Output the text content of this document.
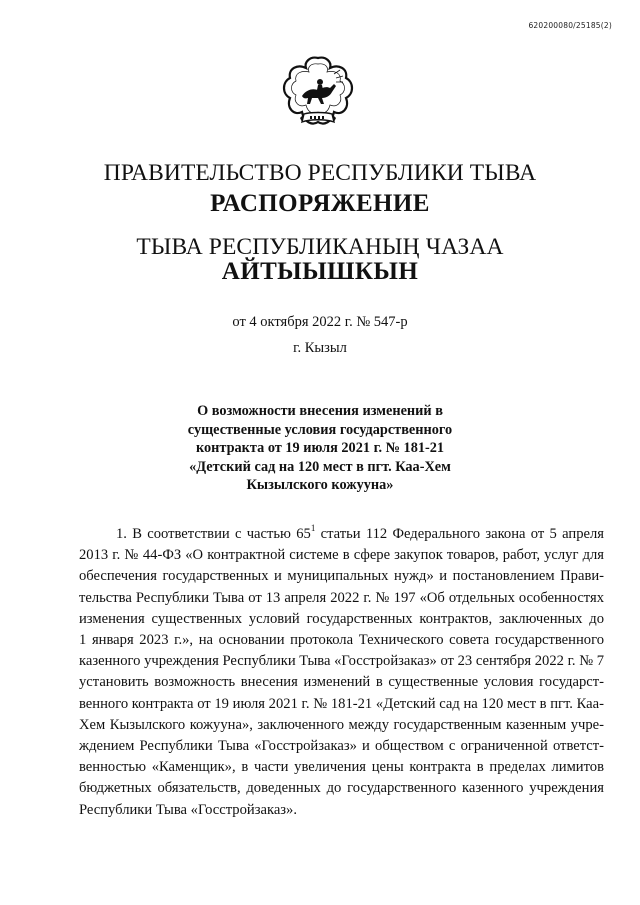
620200080/25185(2)
ПРАВИТЕЛЬСТВО РЕСПУБЛИКИ ТЫВА
РАСПОРЯЖЕНИЕ
ТЫВА РЕСПУБЛИКАНЫҢ ЧАЗАА
АЙТЫЫШКЫН
от 4 октября 2022 г. № 547-р
г. Кызыл
О возможности внесения изменений в
существенные условия государственного
контракта от 19 июля 2021 г. № 181-21
«Детский сад на 120 мест в пгт. Каа-Хем
Кызылского кожууна»
1. В соответствии с частью $65^1$ статьи 112 Федерального закона от 5 апреля
2013 г. № 44-ФЗ «О контрактной системе в сфере закупок товаров, работ, услуг для
обеспечения государственных и муниципальных нужд» и постановлением Прави-
тельства Республики Тыва от 13 апреля 2022 г. № 197 «Об отдельных особенностях
изменения существенных условий государственных контрактов, заключенных до
1 января 2023 г.», на основании протокола Технического совета государственного
казенного учреждения Республики Тыва «Госстройзаказ» от 23 сентября 2022 г. № 7
установить возможность внесения изменений в существенные условия государст-
венного контракта от 19 июля 2021 г. № 181-21 «Детский сад на 120 мест в пгт. Каа-
Хем Кызылского кожууна», заключенного между государственным казенным учре-
ждением Республики Тыва «Госстройзаказ» и обществом с ограниченной ответст-
венностью «Каменщик», в части увеличения цены контракта в пределах лимитов
бюджетных обязательств, доведенных до государственного казенного учреждения
Республики Тыва «Госстройзаказ».
